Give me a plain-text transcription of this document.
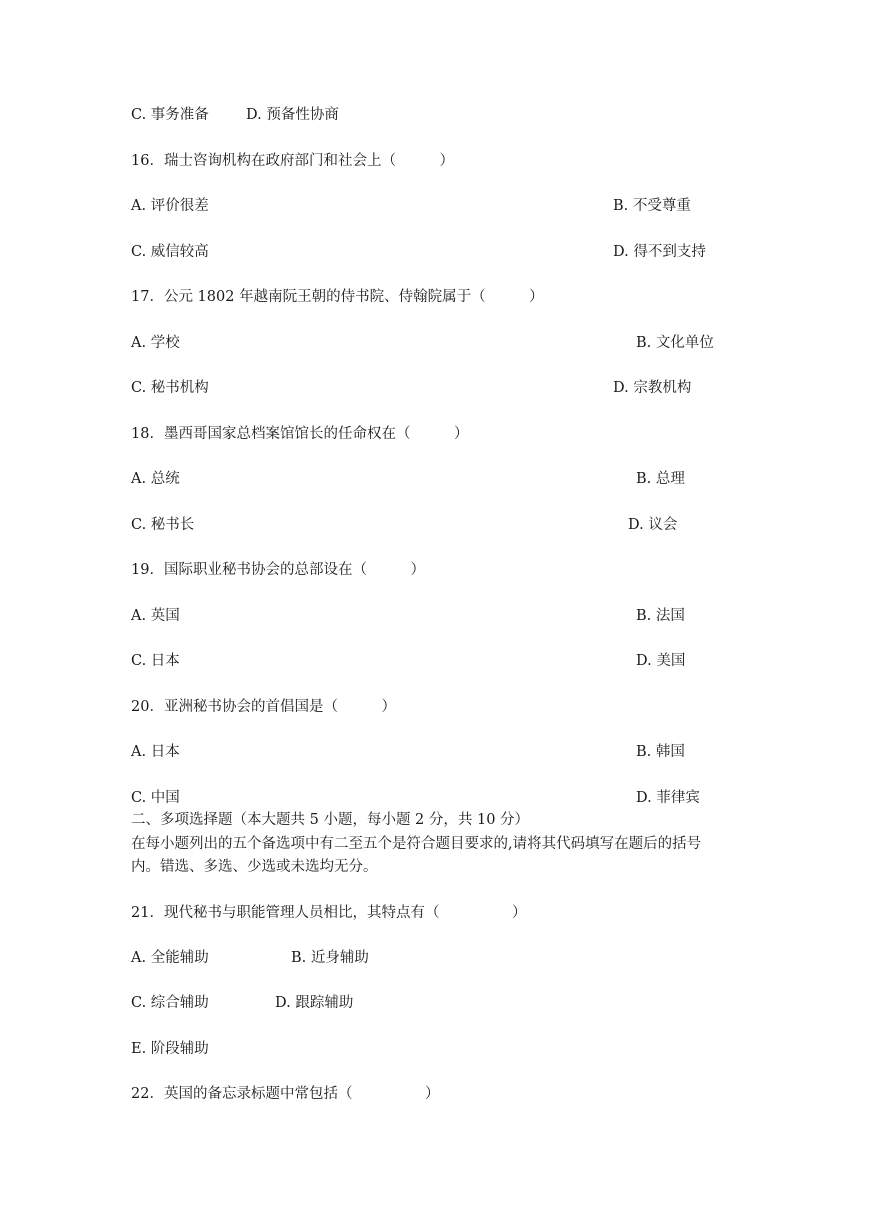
C. 事务准备	D. 预备性协商
16．瑞士咨询机构在政府部门和社会上（　　　）
A. 评价很差	B. 不受尊重
C. 威信较高	D. 得不到支持
17．公元 1802 年越南阮王朝的侍书院、侍翰院属于（　　　）
A. 学校	B. 文化单位
C. 秘书机构	D. 宗教机构
18．墨西哥国家总档案馆馆长的任命权在（　　　）
A. 总统	B. 总理
C. 秘书长	D. 议会
19．国际职业秘书协会的总部设在（　　　）
A. 英国	B. 法国
C. 日本	D. 美国
20．亚洲秘书协会的首倡国是（　　　）
A. 日本	B. 韩国
C. 中国	D. 菲律宾
二、多项选择题（本大题共 5 小题，每小题 2 分，共 10 分）
在每小题列出的五个备选项中有二至五个是符合题目要求的,请将其代码填写在题后的括号
内。错选、多选、少选或未选均无分。
21．现代秘书与职能管理人员相比，其特点有（　　　　　）
A. 全能辅助	B. 近身辅助
C. 综合辅助	D. 跟踪辅助
E. 阶段辅助
22．英国的备忘录标题中常包括（　　　　　）
